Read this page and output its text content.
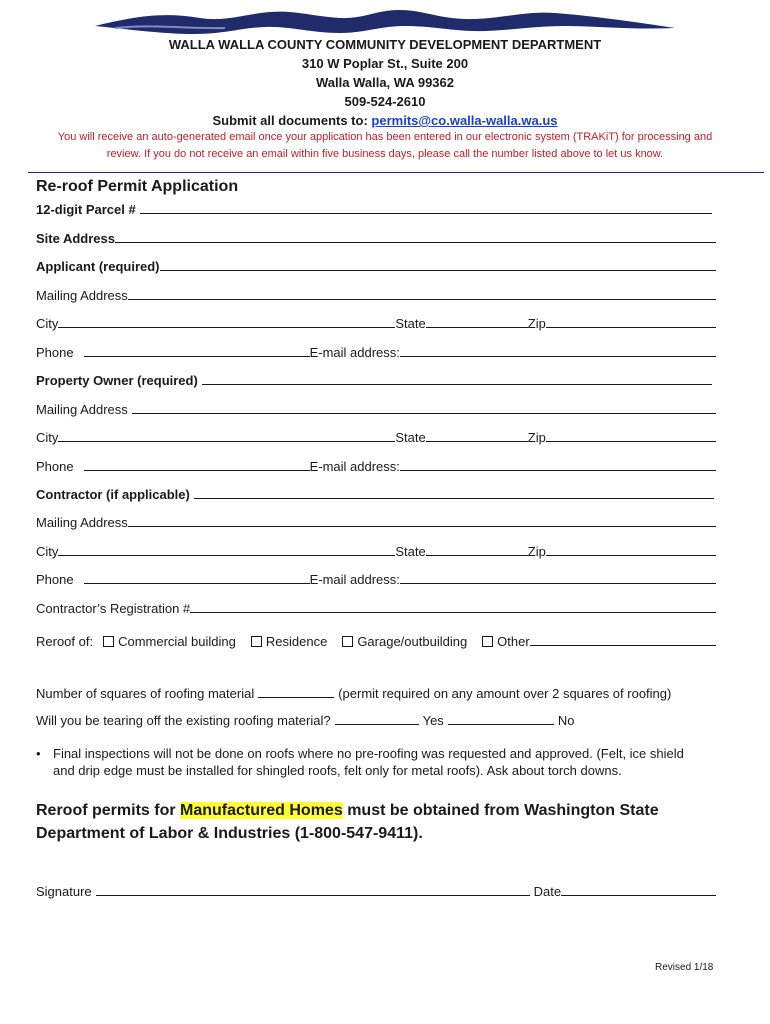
WALLA WALLA COUNTY COMMUNITY DEVELOPMENT DEPARTMENT
310 W Poplar St., Suite 200
Walla Walla, WA 99362
509-524-2610
Submit all documents to: permits@co.walla-walla.wa.us
You will receive an auto-generated email once your application has been entered in our electronic system (TRAKiT) for processing and
review. If you do not receive an email within five business days, please call the number listed above to let us know.
Re-roof Permit Application
12-digit Parcel #
Site Address
Applicant (required)
Mailing Address
City	State	Zip
Phone	E-mail address:
Property Owner (required)
Mailing Address
City	State	Zip
Phone	E-mail address:
Contractor (if applicable)
Mailing Address
City	State	Zip
Phone	E-mail address:
Contractor’s Registration #
Reroof of: Commercial building Residence Garage/outbuilding Other
Number of squares of roofing material	(permit required on any amount over 2 squares of roofing)
Will you be tearing off the existing roofing material?	Yes	No
• Final inspections will not be done on roofs where no pre-roofing was requested and approved. (Felt, ice shield
and drip edge must be installed for shingled roofs, felt only for metal roofs). Ask about torch downs.
Reroof permits for Manufactured Homes must be obtained from Washington State
Department of Labor & Industries (1-800-547-9411).
Signature	Date
Revised 1/18
